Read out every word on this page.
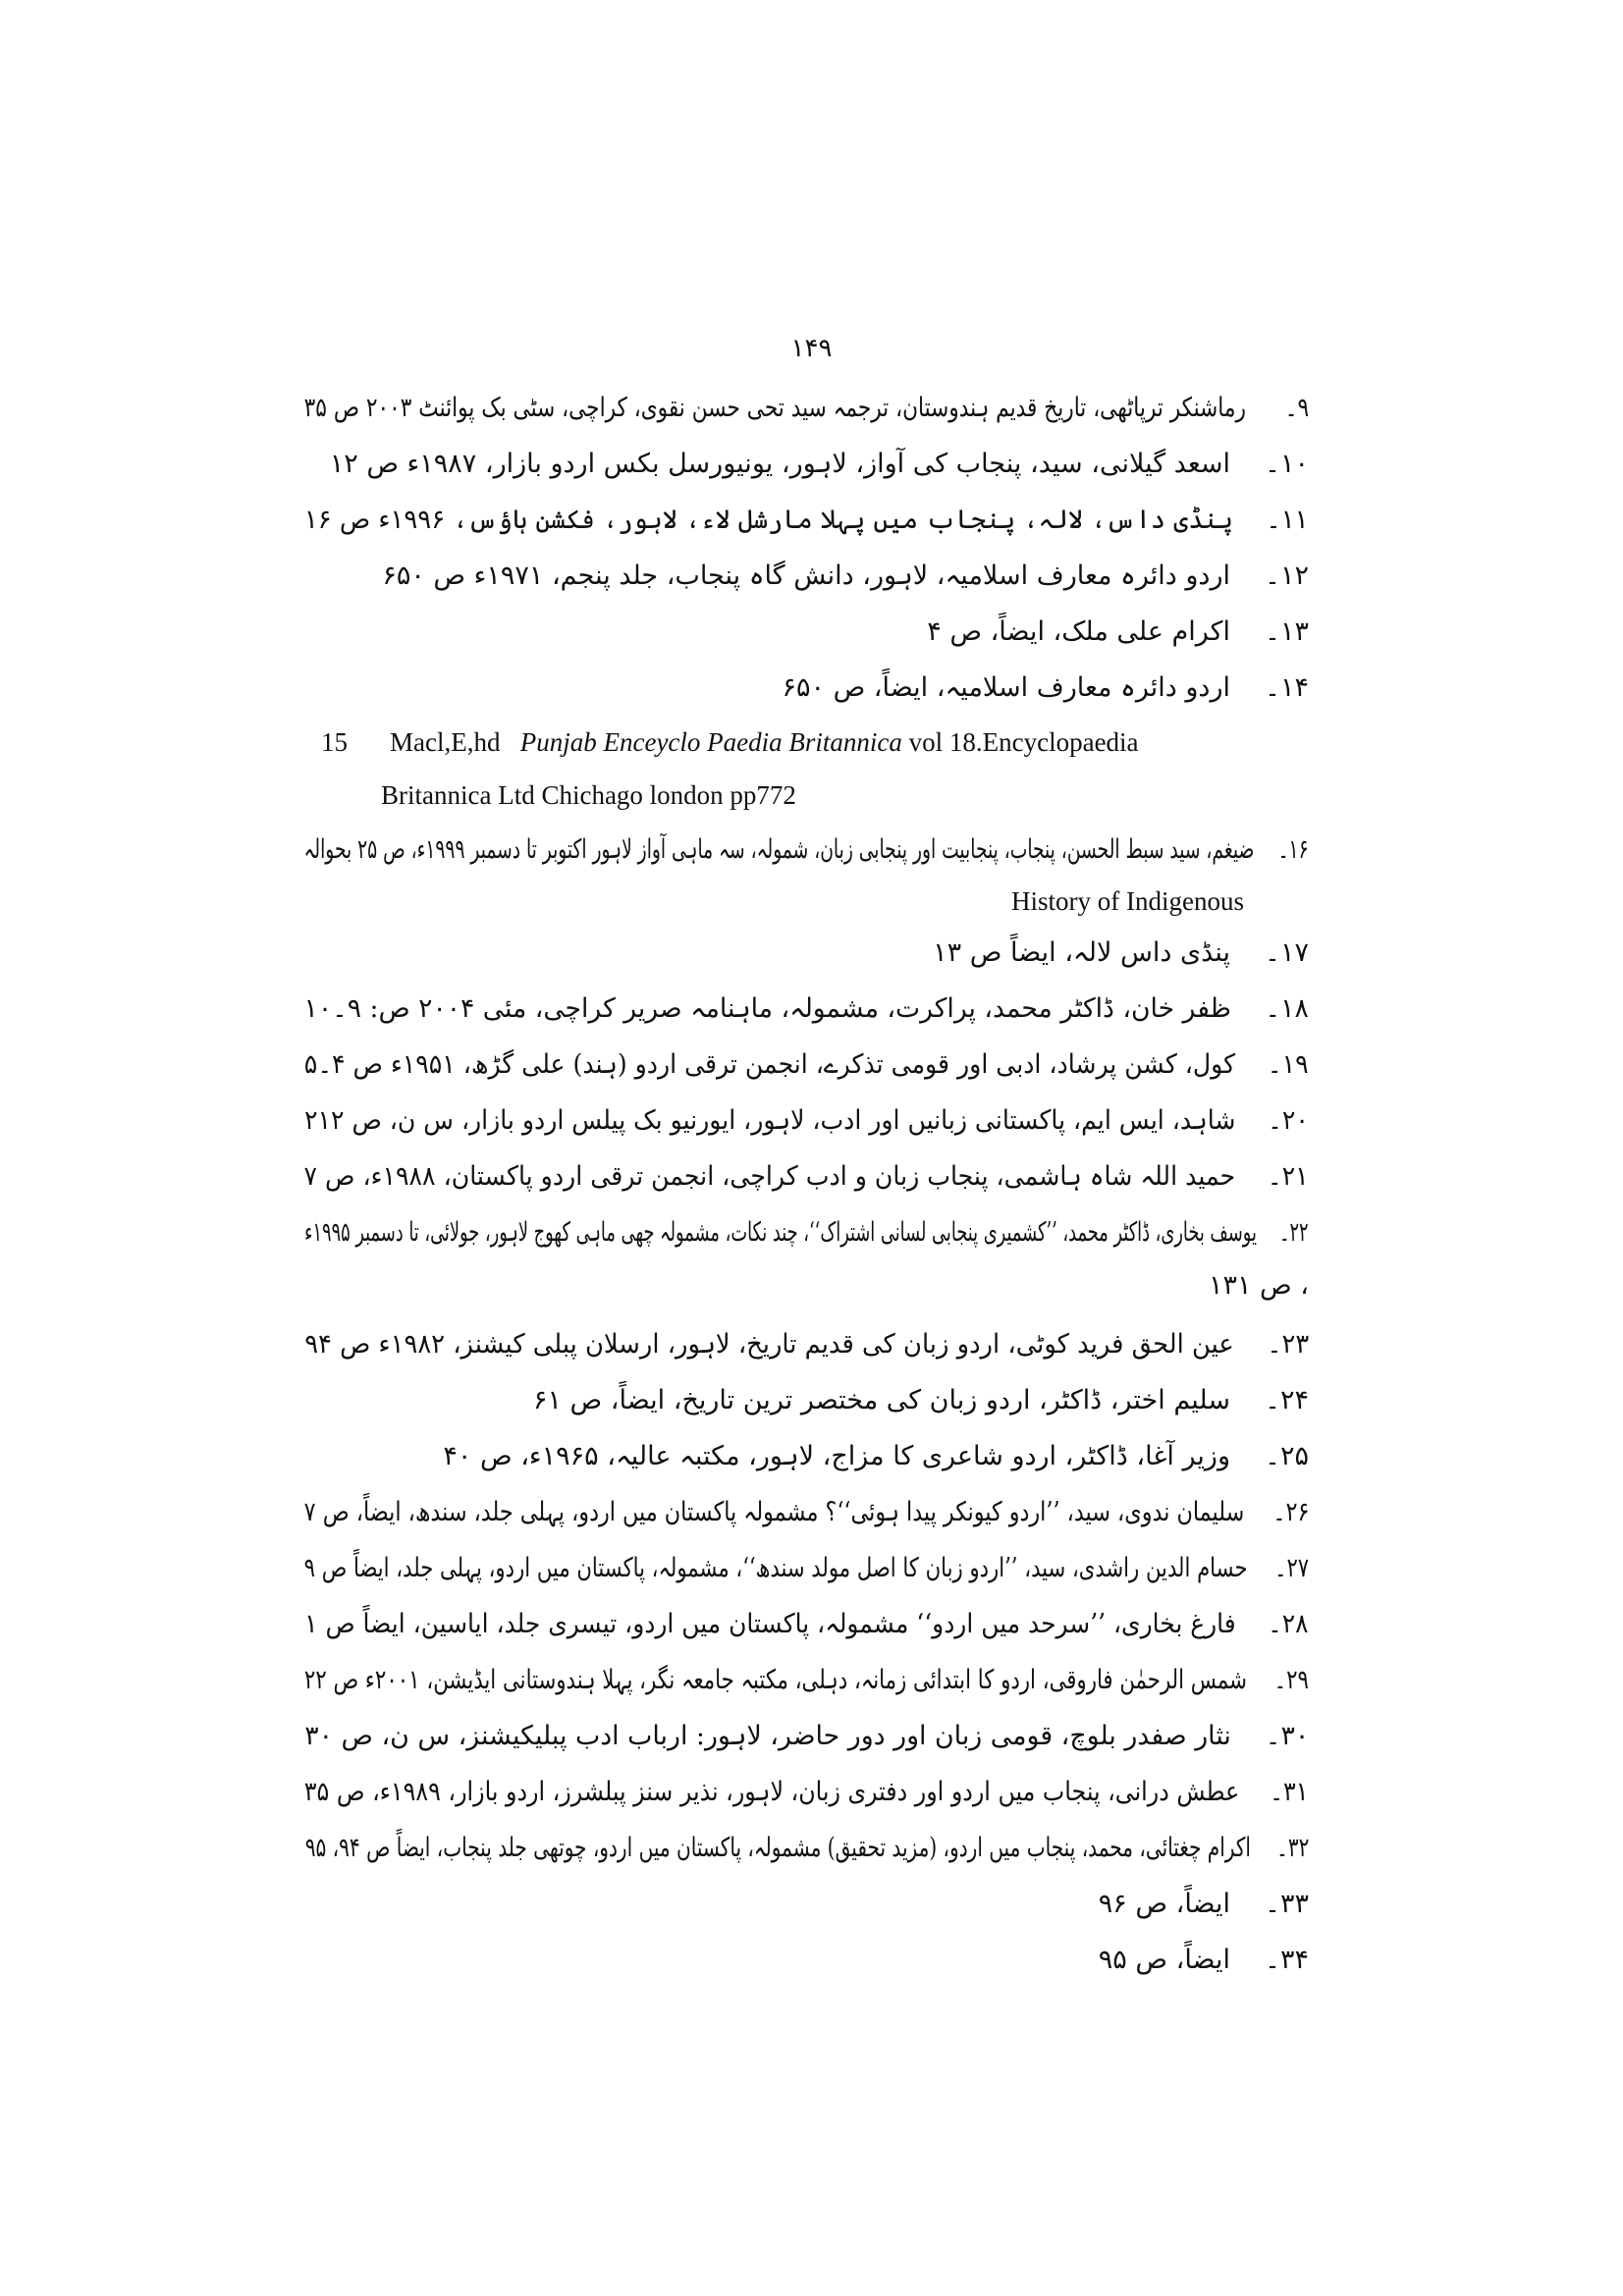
۱۴۹
۹۔رماشنکر ترپاٹھی، تاریخ قدیم ہندوستان، ترجمہ سید تحی حسن نقوی، کراچی، سٹی بک پوائنٹ ۲۰۰۳ ص ۳۵
۱۰۔اسعد گیلانی، سید، پنجاب کی آواز، لاہور، یونیورسل بکس اردو بازار، ۱۹۸۷ء ص ۱۲
۱۱۔پنڈی داس، لالہ، پنجاب میں پہلا مارشل لاء، لاہور، فکشن ہاؤس، ۱۹۹۶ء ص ۱۶
۱۲۔اردو دائرہ معارف اسلامیہ، لاہور، دانش گاہ پنجاب، جلد پنجم، ۱۹۷۱ء ص ۶۵۰
۱۳۔اکرام علی ملک، ایضاً، ص ۴
۱۴۔اردو دائرہ معارف اسلامیہ، ایضاً، ص ۶۵۰
15 Macl,E,hd Punjab Enceyclo Paedia Britannica vol 18.Encyclopaedia
Britannica Ltd Chichago london pp772
۱۶۔ضیغم، سید سبط الحسن، پنجاب، پنجابیت اور پنجابی زبان، شمولہ، سہ ماہی آواز لاہور اکتوبر تا دسمبر ۱۹۹۹ء، ص ۲۵ بحوالہ
History of Indigenous
۱۷۔پنڈی داس لالہ، ایضاً ص ۱۳
۱۸۔ظفر خان، ڈاکٹر محمد، پراکرت، مشمولہ، ماہنامہ صریر کراچی، مئی ۲۰۰۴ ص: ۹۔۱۰
۱۹۔کول، کشن پرشاد، ادبی اور قومی تذکرے، انجمن ترقی اردو (ہند) علی گڑھ، ۱۹۵۱ء ص ۴۔۵
۲۰۔شاہد، ایس ایم، پاکستانی زبانیں اور ادب، لاہور، ایورنیو بک پیلس اردو بازار، س ن، ص ۲۱۲
۲۱۔حمید اللہ شاہ ہاشمی، پنجاب زبان و ادب کراچی، انجمن ترقی اردو پاکستان، ۱۹۸۸ء، ص ۷
۲۲۔یوسف بخاری، ڈاکٹر محمد، ’’کشمیری پنجابی لسانی اشتراک‘‘، چند نکات، مشمولہ چھی ماہی کھوج لاہور، جولائی، تا دسمبر ۱۹۹۵ء
، ص ۱۳۱
۲۳۔عین الحق فرید کوٹی، اردو زبان کی قدیم تاریخ، لاہور، ارسلان پبلی کیشنز، ۱۹۸۲ء ص ۹۴
۲۴۔سلیم اختر، ڈاکٹر، اردو زبان کی مختصر ترین تاریخ، ایضاً، ص ۶۱
۲۵۔وزیر آغا، ڈاکٹر، اردو شاعری کا مزاج، لاہور، مکتبہ عالیہ، ۱۹۶۵ء، ص ۴۰
۲۶۔سلیمان ندوی، سید، ’’اردو کیونکر پیدا ہوئی‘‘؟ مشمولہ پاکستان میں اردو، پہلی جلد، سندھ، ایضاً، ص ۷
۲۷۔حسام الدین راشدی، سید، ’’اردو زبان کا اصل مولد سندھ‘‘، مشمولہ، پاکستان میں اردو، پہلی جلد، ایضاً ص ۹
۲۸۔فارغ بخاری، ’’سرحد میں اردو‘‘ مشمولہ، پاکستان میں اردو، تیسری جلد، ایاسین، ایضاً ص ۱
۲۹۔شمس الرحمٰن فاروقی، اردو کا ابتدائی زمانہ، دہلی، مکتبہ جامعہ نگر، پہلا ہندوستانی ایڈیشن، ۲۰۰۱ء ص ۲۲
۳۰۔نثار صفدر بلوچ، قومی زبان اور دور حاضر، لاہور: ارباب ادب پبلیکیشنز، س ن، ص ۳۰
۳۱۔عطش درانی، پنجاب میں اردو اور دفتری زبان، لاہور، نذیر سنز پبلشرز، اردو بازار، ۱۹۸۹ء، ص ۳۵
۳۲۔اکرام چغتائی، محمد، پنجاب میں اردو، (مزید تحقیق) مشمولہ، پاکستان میں اردو، چوتھی جلد پنجاب، ایضاً ص ۹۴، ۹۵
۳۳۔ایضاً، ص ۹۶
۳۴۔ایضاً، ص ۹۵
